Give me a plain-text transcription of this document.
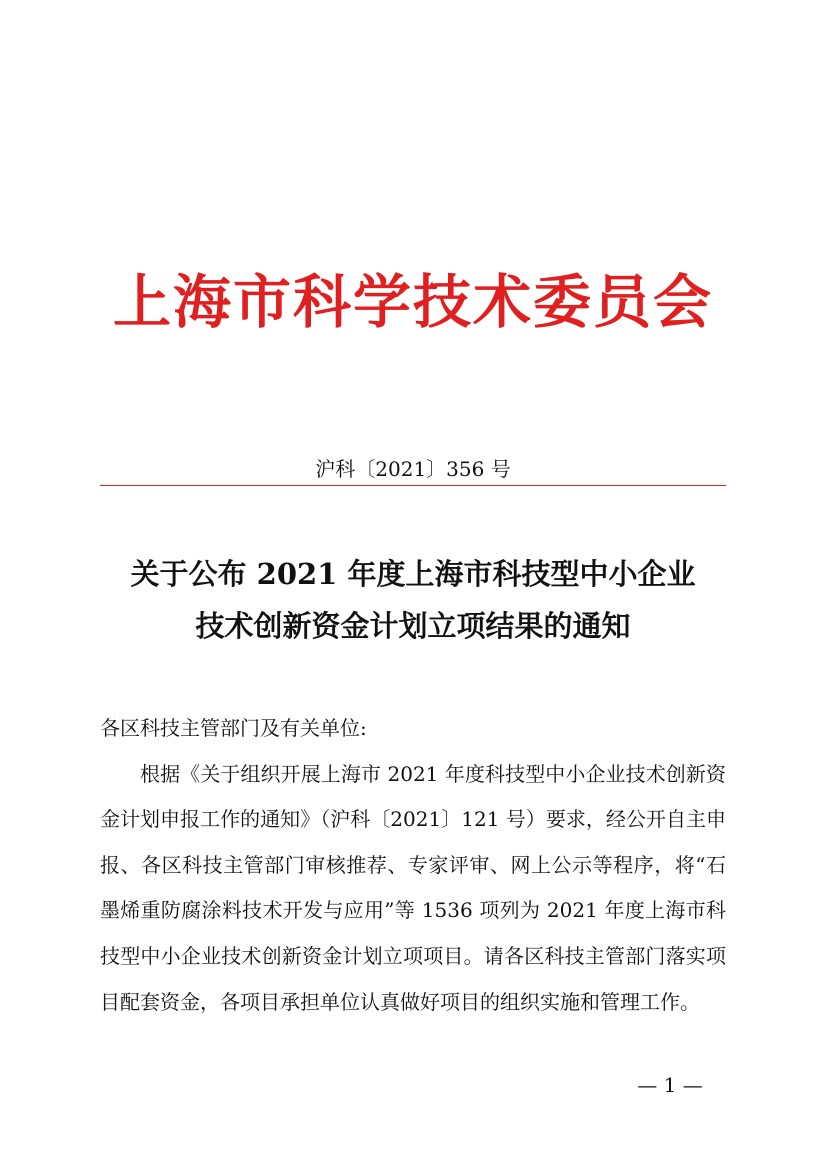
上海市科学技术委员会
沪科〔2021〕356 号
关于公布 2021 年度上海市科技型中小企业
技术创新资金计划立项结果的通知

各区科技主管部门及有关单位:

根据《关于组织开展上海市 2021 年度科技型中小企业技术创新资金计划申报工作的通知》（沪科〔2021〕121 号）要求，经公开自主申报、各区科技主管部门审核推荐、专家评审、网上公示等程序，将“石墨烯重防腐涂料技术开发与应用”等 1536 项列为 2021 年度上海市科技型中小企业技术创新资金计划立项项目。请各区科技主管部门落实项目配套资金，各项目承担单位认真做好项目的组织实施和管理工作。

— 1 —
